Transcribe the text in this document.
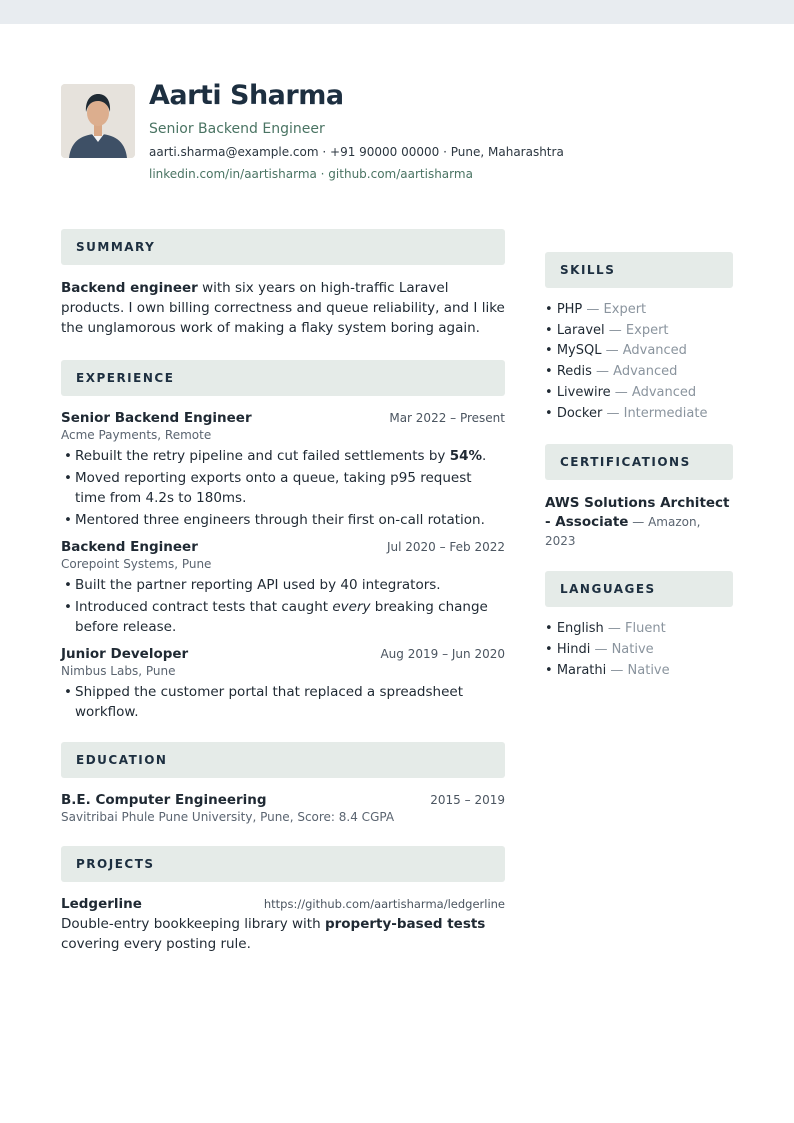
Aarti Sharma

Senior Backend Engineer

aarti.sharma@example.com · +91 90000 00000 · Pune, Maharashtra

linkedin.com/in/aartisharma · github.com/aartisharma

SUMMARY

Backend engineer with six years on high-traffic Laravel products. I own billing correctness and queue reliability, and I like the unglamorous work of making a flaky system boring again.

EXPERIENCE
Senior Backend Engineer	Mar 2022 – Present
Acme Payments, Remote
• Rebuilt the retry pipeline and cut failed settlements by 54%.
• Moved reporting exports onto a queue, taking p95 request time from 4.2s to 180ms.
• Mentored three engineers through their first on-call rotation.
Backend Engineer	Jul 2020 – Feb 2022
Corepoint Systems, Pune
• Built the partner reporting API used by 40 integrators.
• Introduced contract tests that caught every breaking change before release.
Junior Developer	Aug 2019 – Jun 2020
Nimbus Labs, Pune
• Shipped the customer portal that replaced a spreadsheet workflow.
EDUCATION
B.E. Computer Engineering	2015 – 2019
Savitribai Phule Pune University, Pune, Score: 8.4 CGPA
PROJECTS
Ledgerline	https://github.com/aartisharma/ledgerline
Double-entry bookkeeping library with property-based tests covering every posting rule.
SKILLS
• PHP — Expert
• Laravel — Expert
• MySQL — Advanced
• Redis — Advanced
• Livewire — Advanced
• Docker — Intermediate
CERTIFICATIONS
AWS Solutions Architect - Associate — Amazon, 2023
LANGUAGES
• English — Fluent
• Hindi — Native
• Marathi — Native
